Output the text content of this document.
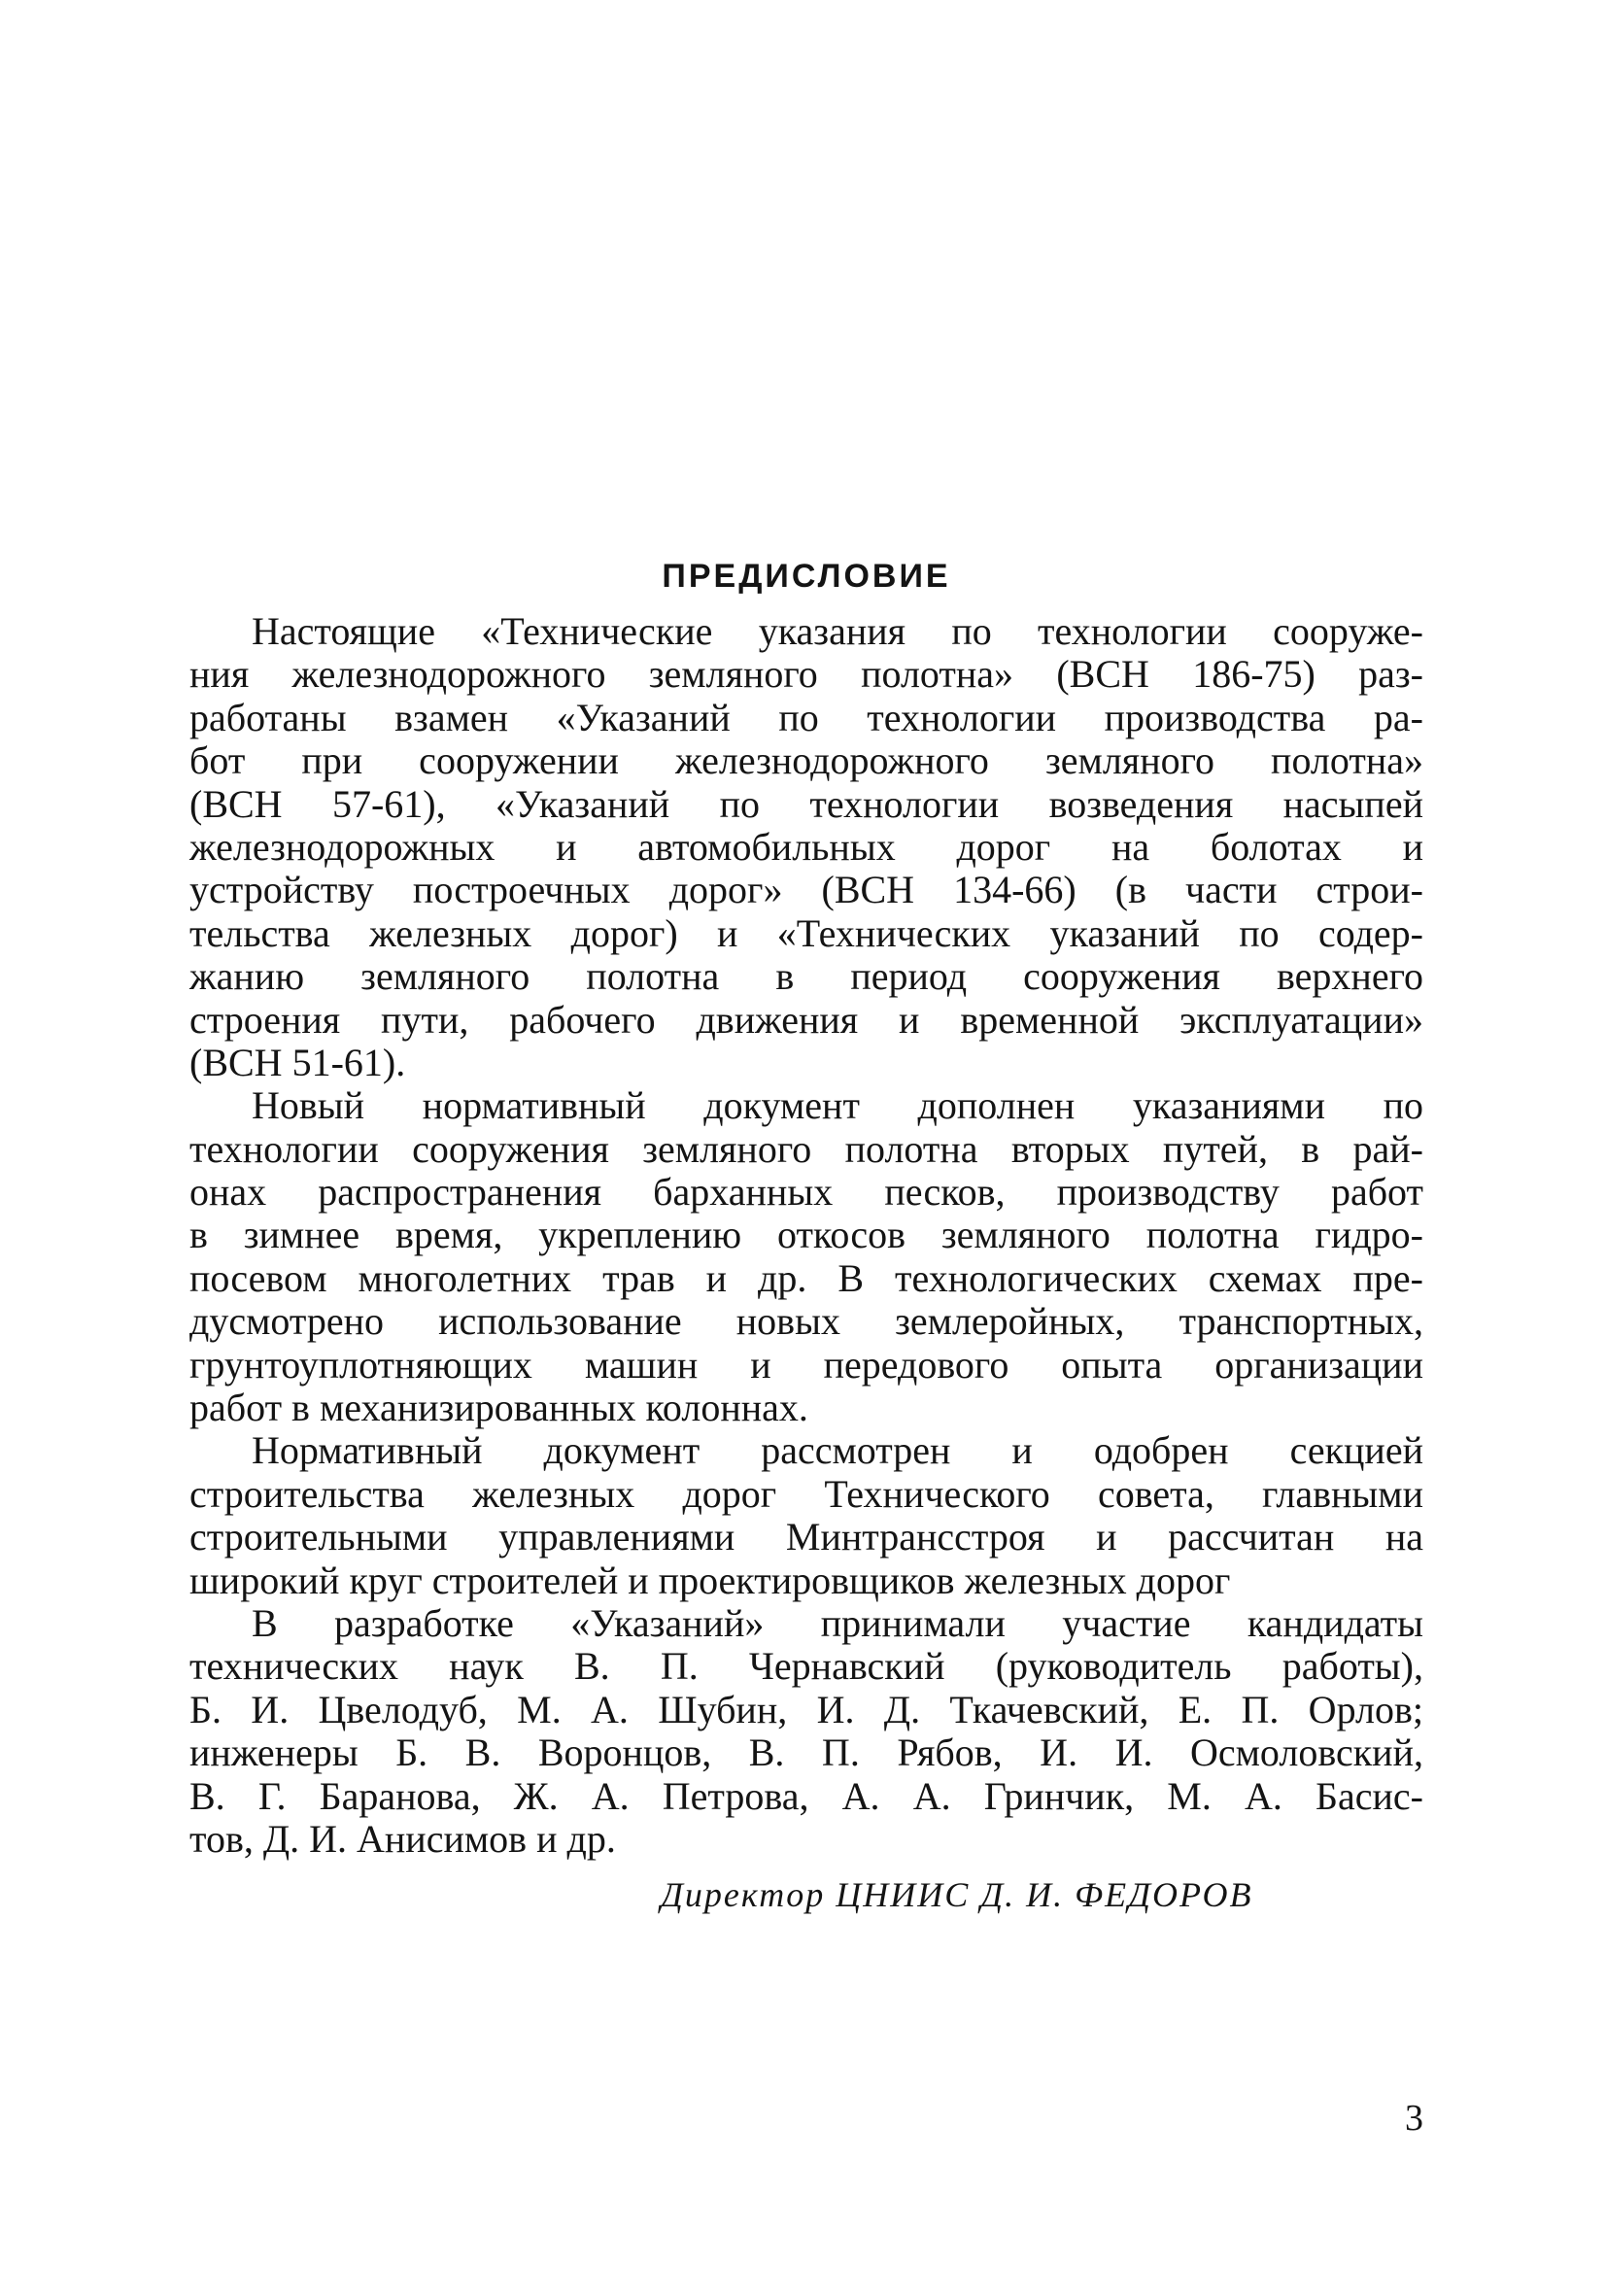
ПРЕДИСЛОВИЕ

Настоящие «Технические указания по технологии сооруже-
ния железнодорожного земляного полотна» (ВСН 186-75) раз-
работаны взамен «Указаний по технологии производства ра-
бот при сооружении железнодорожного земляного полотна»
(ВСН 57-61), «Указаний по технологии возведения насыпей
железнодорожных и автомобильных дорог на болотах и
устройству построечных дорог» (ВСН 134-66) (в части строи-
тельства железных дорог) и «Технических указаний по содер-
жанию земляного полотна в период сооружения верхнего
строения пути, рабочего движения и временной эксплуатации»
(ВСН 51-61).

Новый нормативный документ дополнен указаниями по
технологии сооружения земляного полотна вторых путей, в рай-
онах распространения барханных песков, производству работ
в зимнее время, укреплению откосов земляного полотна гидро-
посевом многолетних трав и др. В технологических схемах пре-
дусмотрено использование новых землеройных, транспортных,
грунтоуплотняющих машин и передового опыта организации
работ в механизированных колоннах.

Нормативный документ рассмотрен и одобрен секцией
строительства железных дорог Технического совета, главными
строительными управлениями Минтрансстроя и рассчитан на
широкий круг строителей и проектировщиков железных дорог

В разработке «Указаний» принимали участие кандидаты
технических наук В. П. Чернавский (руководитель работы),
Б. И. Цвелодуб, М. А. Шубин, И. Д. Ткачевский, Е. П. Орлов;
инженеры Б. В. Воронцов, В. П. Рябов, И. И. Осмоловский,
В. Г. Баранова, Ж. А. Петрова, А. А. Гринчик, М. А. Басис-
тов, Д. И. Анисимов и др.

Директор ЦНИИС Д. И. ФЕДОРОВ
3
